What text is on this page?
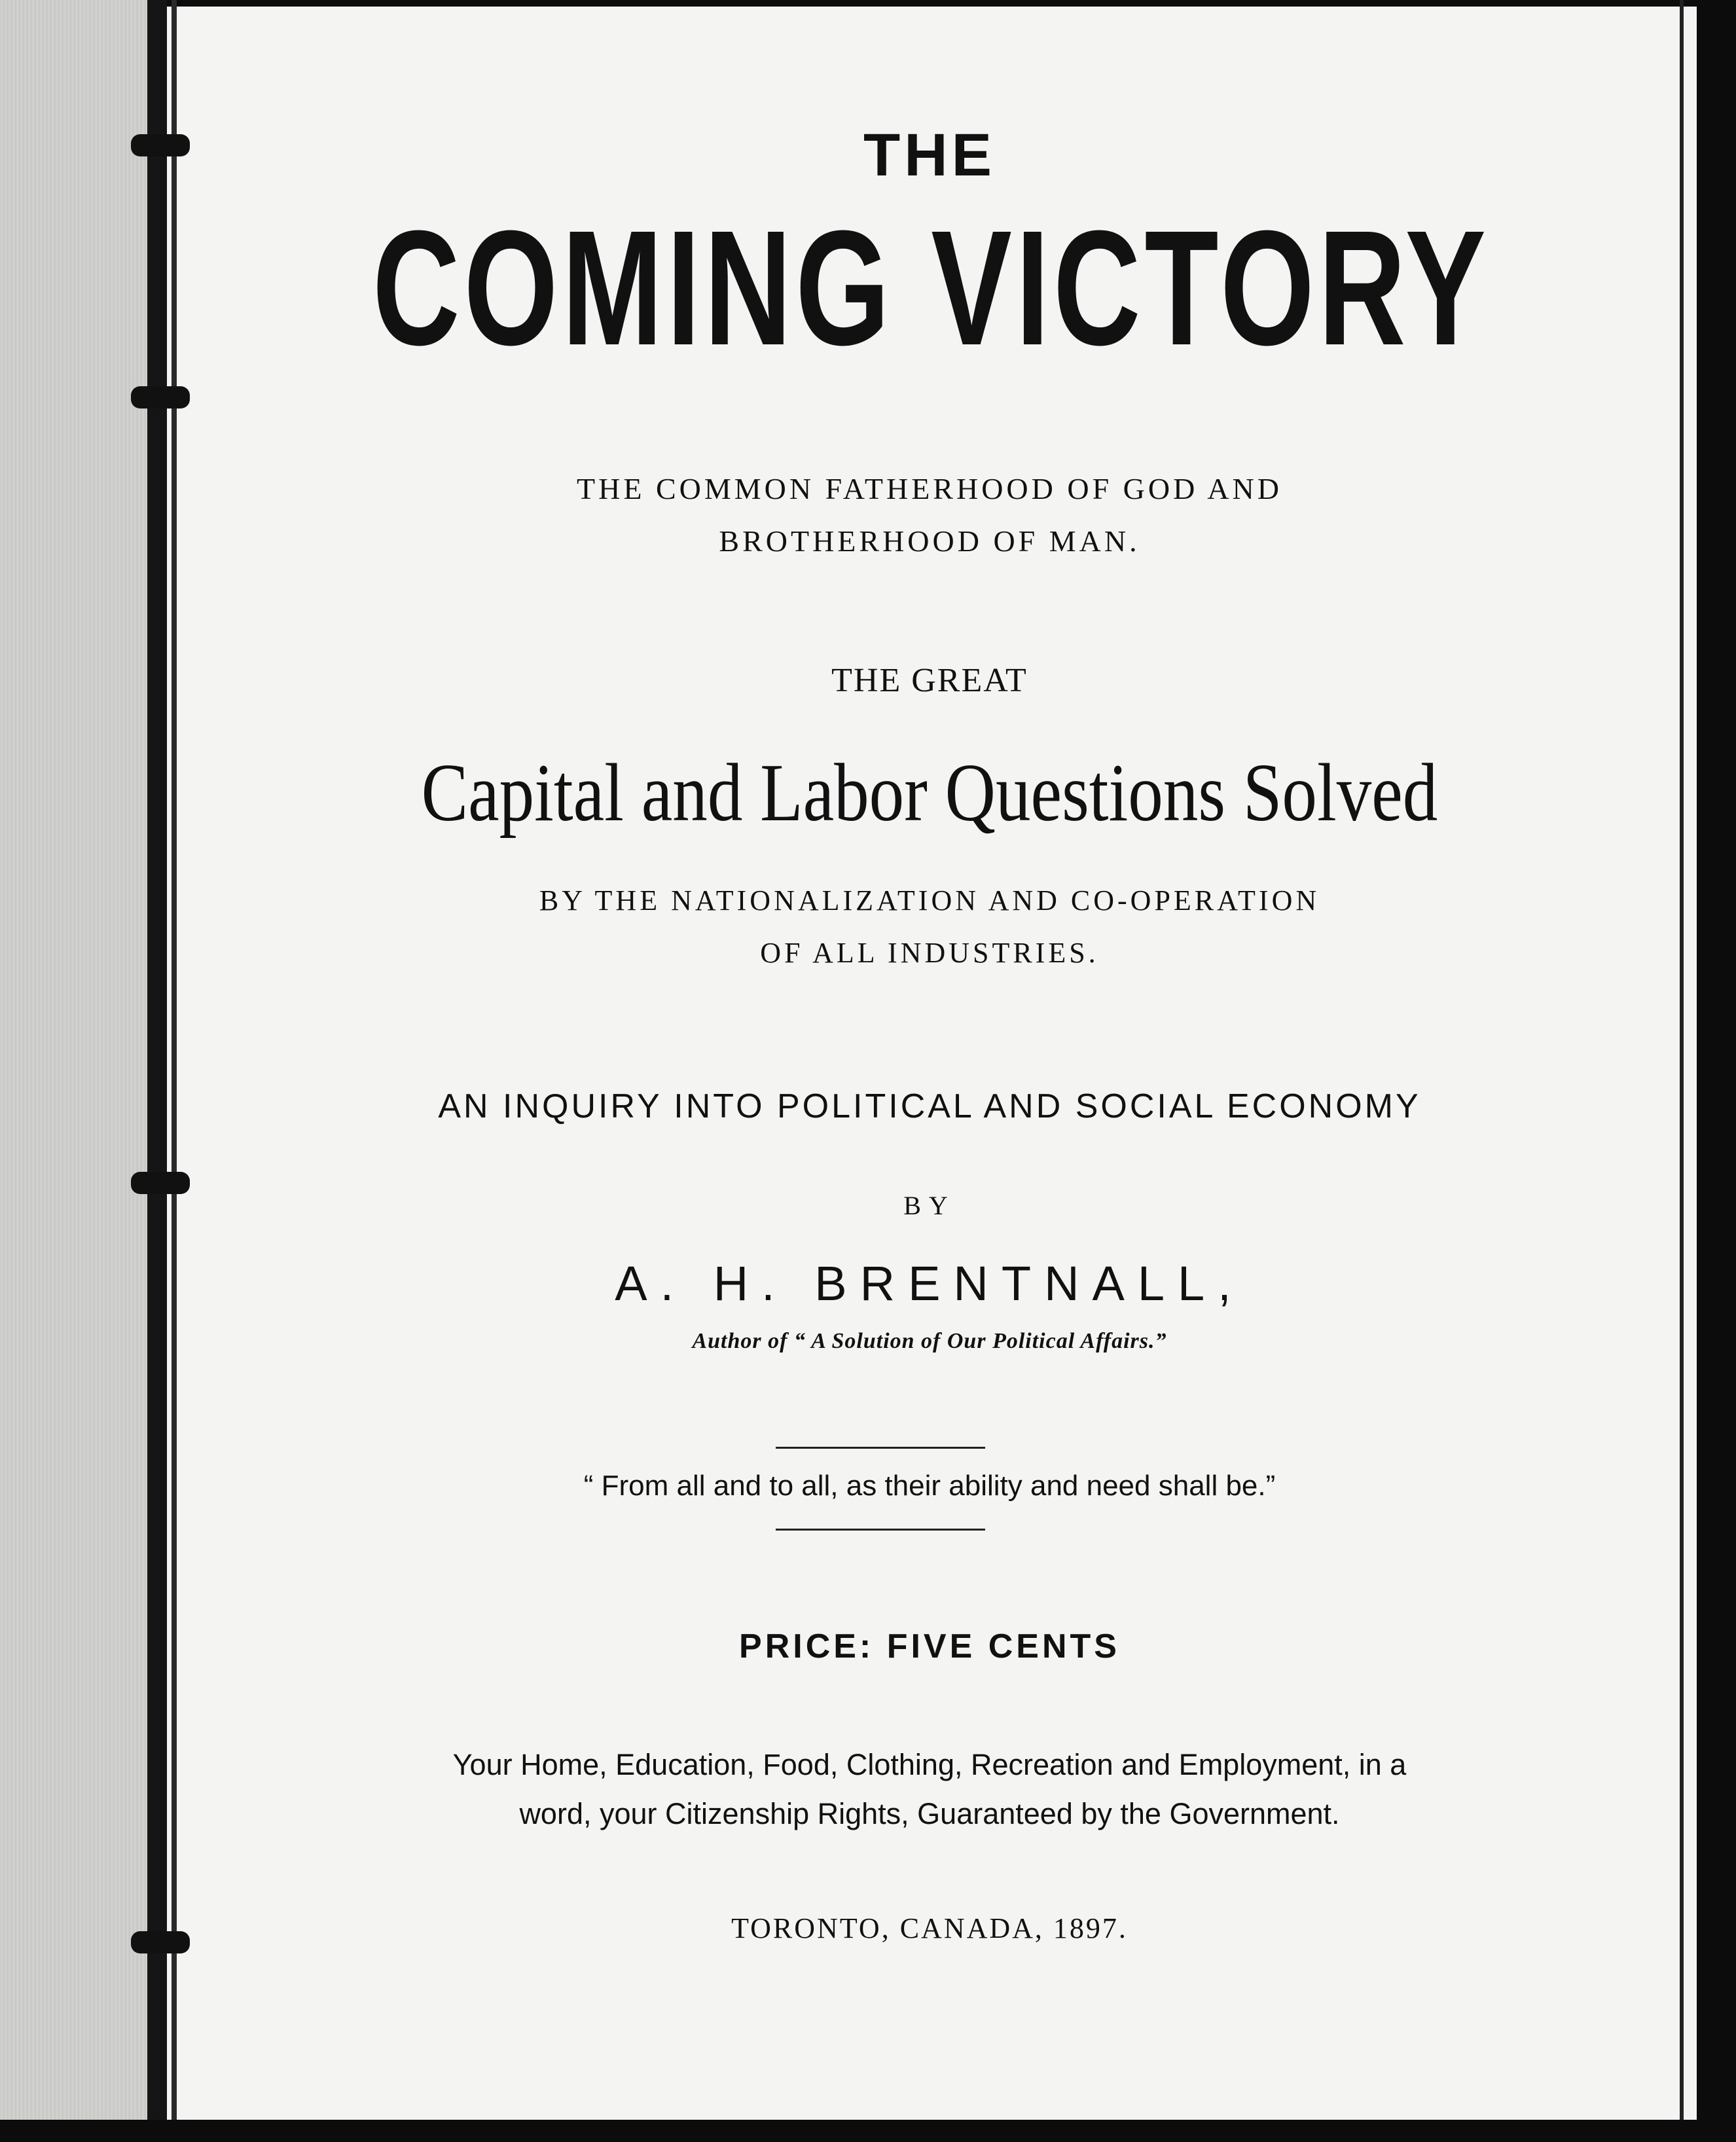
THE
COMING VICTORY
THE COMMON FATHERHOOD OF GOD AND
BROTHERHOOD OF MAN.
THE GREAT
Capital and Labor Questions Solved
BY THE NATIONALIZATION AND CO-OPERATION
OF ALL INDUSTRIES.
AN INQUIRY INTO POLITICAL AND SOCIAL ECONOMY
BY
A. H. BRENTNALL,
Author of “ A Solution of Our Political Affairs.”
“ From all and to all, as their ability and need shall be.”
PRICE: FIVE CENTS
Your Home, Education, Food, Clothing, Recreation and Employment, in a
word, your Citizenship Rights, Guaranteed by the Government.
TORONTO, CANADA, 1897.
